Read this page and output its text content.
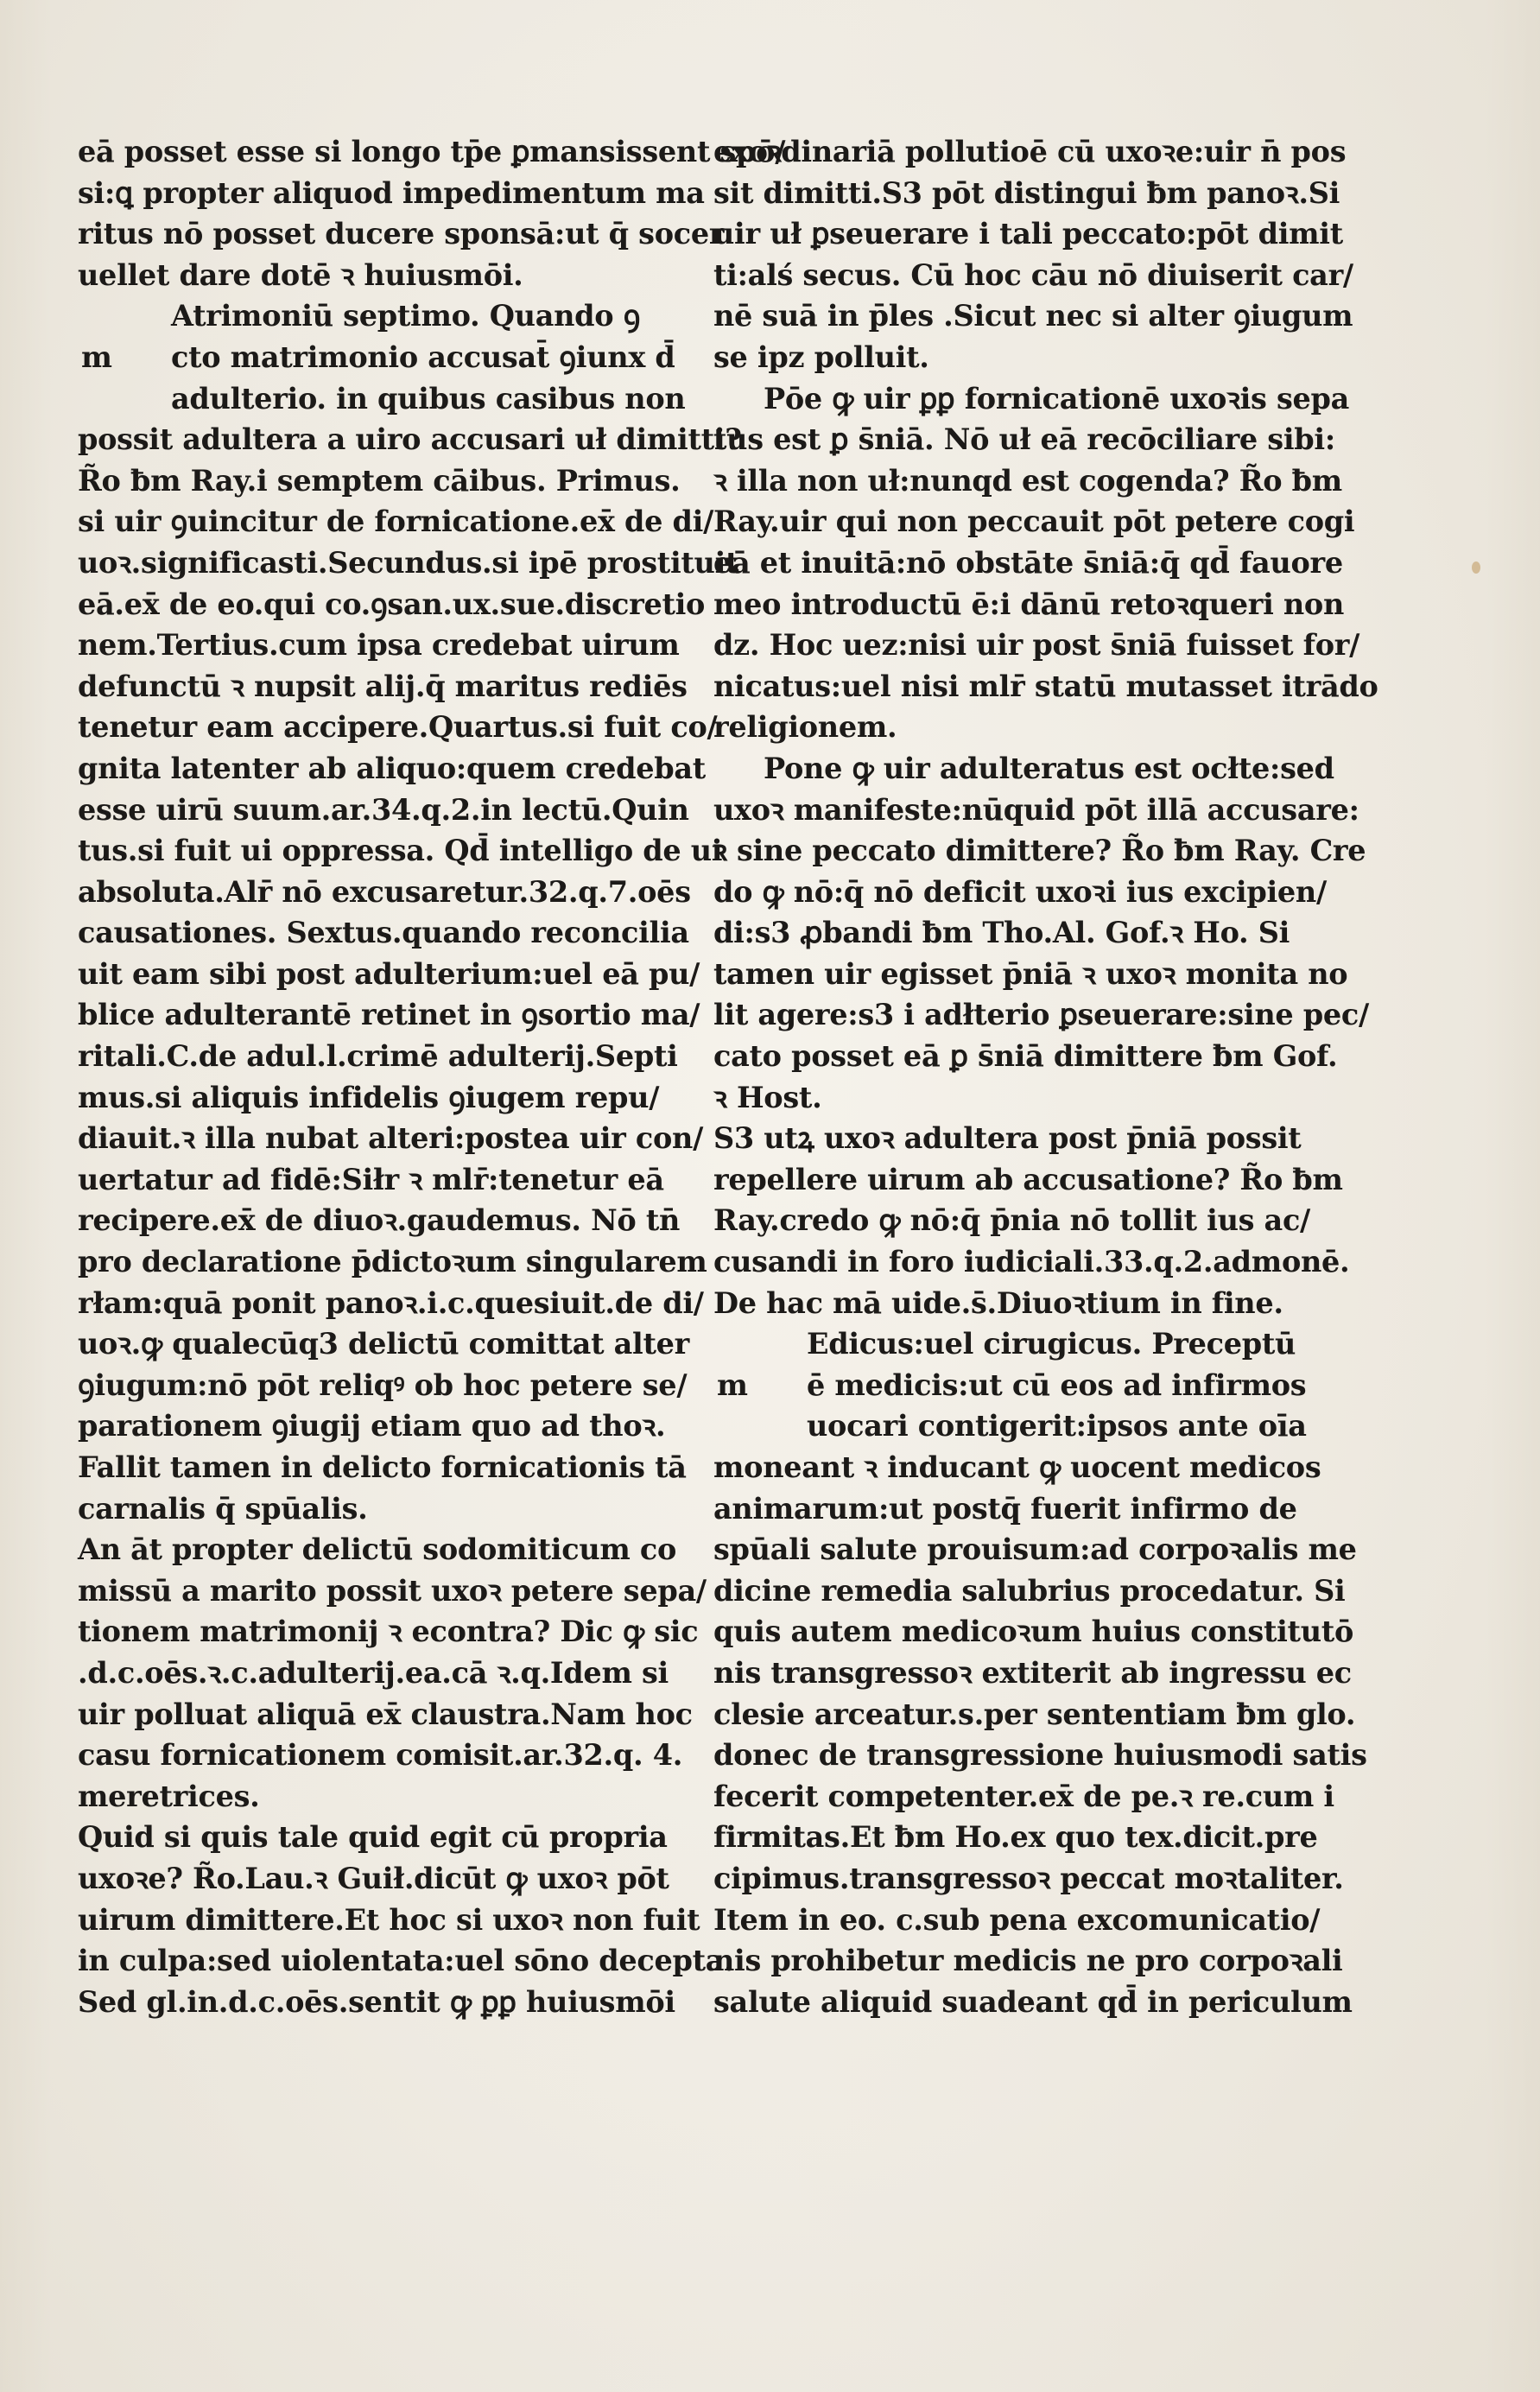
eā posset esse si longo tp̄e ꝑmansissent spō/
si:ꝗ propter aliquod impedimentum ma
ritus nō posset ducere sponsā:ut q̄ socer
uellet dare dotē ꝛ huiusmōi.
Atrimoniū septimo. Quando ꝯ
m cto matrimonio accusat̄ ꝯiunx d̄
adulterio. in quibus casibus non
possit adultera a uiro accusari uł dimitti?
R̃o ƀm Ray.i semptem cāibus. Primus.
si uir ꝯuincitur de fornicatione.ex̄ de di/
uoꝛ.significasti.Secundus.si ipē prostituit
eā.ex̄ de eo.qui co.ꝯsan.ux.sue.discretio
nem.Tertius.cum ipsa credebat uirum
defunctū ꝛ nupsit alij.q̄ maritus rediēs
tenetur eam accipere.Quartus.si fuit co/
gnita latenter ab aliquo:quem credebat
esse uirū suum.ar.34.q.2.in lectū.Quin
tus.si fuit ui oppressa. Qd̄ intelligo de ui
absoluta.Alr̄ nō excusaretur.32.q.7.oēs
causationes. Sextus.quando reconcilia
uit eam sibi post adulterium:uel eā pu/
blice adulterantē retinet in ꝯsortio ma/
ritali.C.de adul.l.crimē adulterij.Septi
mus.si aliquis infidelis ꝯiugem repu/
diauit.ꝛ illa nubat alteri:postea uir con/
uertatur ad fidē:Siłr ꝛ mlr̄:tenetur eā
recipere.ex̄ de diuoꝛ.gaudemus. Nō tn̄
pro declaratione p̄dictoꝛum singularem
rłam:quā ponit panoꝛ.i.c.quesiuit.de di/
uoꝛ.ꝙ qualecūq3 delictū comittat alter
ꝯiugum:nō pōt reliqꝰ ob hoc petere se/
parationem ꝯiugij etiam quo ad thoꝛ.
Fallit tamen in delicto fornicationis tā
carnalis q̄ spūalis.
An āt propter delictū sodomiticum co
missū a marito possit uxoꝛ petere sepa/
tionem matrimonij ꝛ econtra? Dic ꝙ sic
.d.c.oēs.ꝛ.c.adulterij.ea.cā ꝛ.q.Idem si
uir polluat aliquā ex̄ claustra.Nam hoc
casu fornicationem comisit.ar.32.q. 4.
meretrices.
Quid si quis tale quid egit cū propria
uxoꝛe? R̃o.Lau.ꝛ Guił.dicūt ꝙ uxoꝛ pōt
uirum dimittere.Et hoc si uxoꝛ non fuit
in culpa:sed uiolentata:uel sōno decepta.
Sed gl.in.d.c.oēs.sentit ꝙ ꝑꝑ huiusmōi
exoꝛdinariā pollutioē cū uxoꝛe:uir n̄ pos
sit dimitti.S3 pōt distingui ƀm panoꝛ.Si
uir uł ꝑseuerare i tali peccato:pōt dimit
ti:alś secus. Cū hoc cāu nō diuiserit car/
nē suā in p̄les .Sicut nec si alter ꝯiugum
se ipz polluit.
Pōe ꝙ uir ꝑꝑ fornicationē uxoꝛis sepa
tus est ꝑ s̄niā. Nō uł eā recōciliare sibi:
ꝛ illa non uł:nunqd est cogenda? R̃o ƀm
Ray.uir qui non peccauit pōt petere cogi
eā et inuitā:nō obstāte s̄niā:q̄ qd̄ fauore
meo introductū ē:i dānū retoꝛqueri non
dz. Hoc uez:nisi uir post s̄niā fuisset for/
nicatus:uel nisi mlr̄ statū mutasset itrādo
religionem.
Pone ꝙ uir adulteratus est ocłte:sed
uxoꝛ manifeste:nūquid pōt illā accusare:
ꝛ sine peccato dimittere? R̃o ƀm Ray. Cre
do ꝙ nō:q̄ nō deficit uxoꝛi ius excipien/
di:s3 ꝓbandi ƀm Tho.Al. Gof.ꝛ Ho. Si
tamen uir egisset p̄niā ꝛ uxoꝛ monita no
lit agere:s3 i adłterio ꝑseuerare:sine pec/
cato posset eā ꝑ s̄niā dimittere ƀm Gof.
ꝛ Host.
S3 utꝝ uxoꝛ adultera post p̄niā possit
repellere uirum ab accusatione? R̃o ƀm
Ray.credo ꝙ nō:q̄ p̄nia nō tollit ius ac/
cusandi in foro iudiciali.33.q.2.admonē.
De hac mā uide.s̄.Diuoꝛtium in fine.
Edicus:uel cirugicus. Preceptū
m ē medicis:ut cū eos ad infirmos
uocari contigerit:ipsos ante oīa
moneant ꝛ inducant ꝙ uocent medicos
animarum:ut postq̄ fuerit infirmo de
spūali salute prouisum:ad corpoꝛalis me
dicine remedia salubrius procedatur. Si
quis autem medicoꝛum huius constitutō
nis transgressoꝛ extiterit ab ingressu ec
clesie arceatur.s.per sententiam ƀm glo.
donec de transgressione huiusmodi satis
fecerit competenter.ex̄ de pe.ꝛ re.cum i
firmitas.Et ƀm Ho.ex quo tex.dicit.pre
cipimus.transgressoꝛ peccat moꝛtaliter.
Item in eo. c.sub pena excomunicatio/
nis prohibetur medicis ne pro corpoꝛali
salute aliquid suadeant qd̄ in periculum
